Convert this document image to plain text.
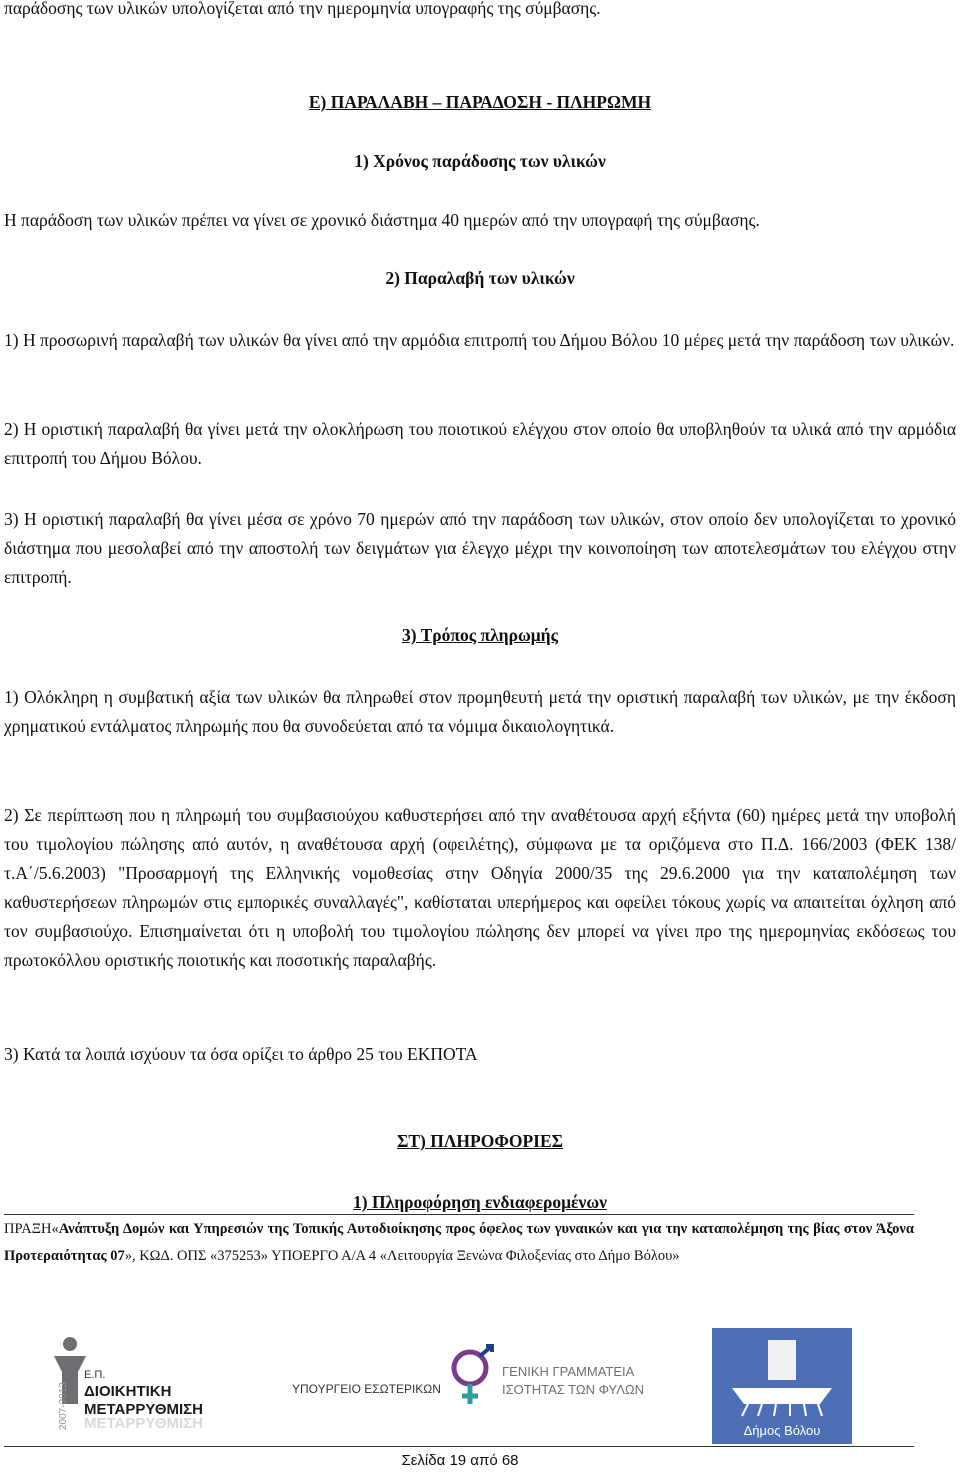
παράδοσης των υλικών υπολογίζεται από την ημερομηνία υπογραφής της σύμβασης.

Ε) ΠΑΡΑΛΑΒΗ – ΠΑΡΑΔΟΣΗ - ΠΛΗΡΩΜΗ

1) Χρόνος παράδοσης των υλικών

Η παράδοση των υλικών πρέπει να γίνει σε χρονικό διάστημα 40 ημερών από την υπογραφή της σύμβασης.

2) Παραλαβή των υλικών

1) Η προσωρινή παραλαβή των υλικών θα γίνει από την αρμόδια επιτροπή του Δήμου Βόλου 10 μέρες μετά την παράδοση των υλικών.

2) Η οριστική παραλαβή θα γίνει μετά την ολοκλήρωση του ποιοτικού ελέγχου στον οποίο θα υποβληθούν τα υλικά από την αρμόδια επιτροπή του Δήμου Βόλου.

3) Η οριστική παραλαβή θα γίνει μέσα σε χρόνο 70 ημερών από την παράδοση των υλικών, στον οποίο δεν υπολογίζεται το χρονικό διάστημα που μεσολαβεί από την αποστολή των δειγμάτων για έλεγχο μέχρι την κοινοποίηση των αποτελεσμάτων του ελέγχου στην επιτροπή.

3) Τρόπος πληρωμής

1) Ολόκληρη η συμβατική αξία των υλικών θα πληρωθεί στον προμηθευτή μετά την οριστική παραλαβή των υλικών, με την έκδοση χρηματικού εντάλματος πληρωμής που θα συνοδεύεται από τα νόμιμα δικαιολογητικά.

2) Σε περίπτωση που η πληρωμή του συμβασιούχου καθυστερήσει από την αναθέτουσα αρχή εξήντα (60) ημέρες μετά την υποβολή του τιμολογίου πώλησης από αυτόν, η αναθέτουσα αρχή (οφειλέτης), σύμφωνα με τα οριζόμενα στο Π.Δ. 166/2003 (ΦΕΚ 138/τ.Α΄/5.6.2003) "Προσαρμογή της Ελληνικής νομοθεσίας στην Οδηγία 2000/35 της 29.6.2000 για την καταπολέμηση των καθυστερήσεων πληρωμών στις εμπορικές συναλλαγές", καθίσταται υπερήμερος και οφείλει τόκους χωρίς να απαιτείται όχληση από τον συμβασιούχο. Επισημαίνεται ότι η υποβολή του τιμολογίου πώλησης δεν μπορεί να γίνει προ της ημερομηνίας εκδόσεως του πρωτοκόλλου οριστικής ποιοτικής και ποσοτικής παραλαβής.

3) Κατά τα λοιπά ισχύουν τα όσα ορίζει το άρθρο 25 του ΕΚΠΟΤΑ

ΣΤ) ΠΛΗΡΟΦΟΡΙΕΣ

1) Πληροφόρηση ενδιαφερομένων

ΠΡΑΞΗ«Ανάπτυξη Δομών και Υπηρεσιών της Τοπικής Αυτοδιοίκησης προς όφελος των γυναικών και για την καταπολέμηση της βίας στον Άξονα Προτεραιότητας 07», ΚΩΔ. ΟΠΣ «375253» ΥΠΟΕΡΓΟ Α/Α 4 «Λειτουργία Ξενώνα Φιλοξενίας στο Δήμο Βόλου»
2007-2013
Ε.Π.
ΔΙΟΙΚΗΤΙΚΗ
ΜΕΤΑΡΡΥΘΜΙΣΗ
ΜΕΤΑΡΡΥΘΜΙΣΗ
ΥΠΟΥΡΓΕΙΟ ΕΣΩΤΕΡΙΚΩΝ
ΓΕΝΙΚΗ ΓΡΑΜΜΑΤΕΙΑ
ΙΣΟΤΗΤΑΣ ΤΩΝ ΦΥΛΩΝ
Δήμος Βόλου
Σελίδα 19 από 68
